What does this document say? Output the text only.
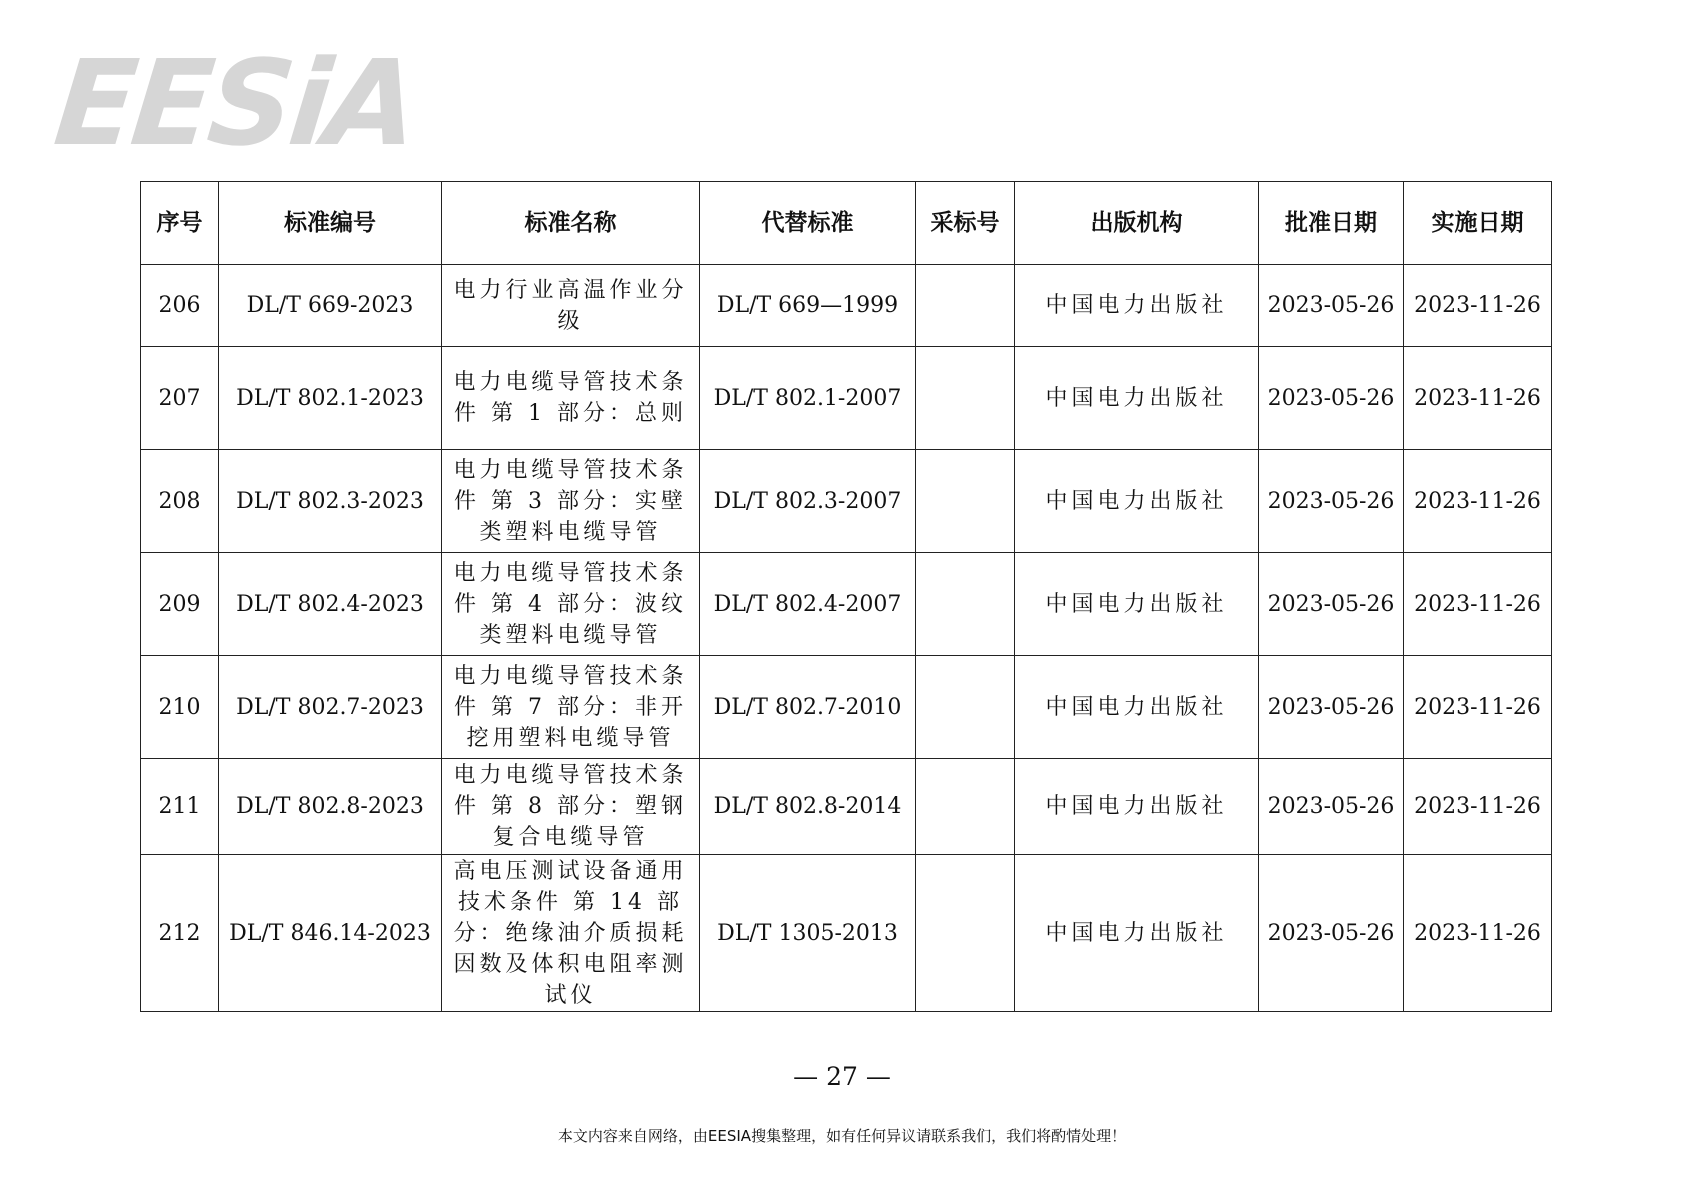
EESiA
序号	标准编号	标准名称	代替标准	采标号	出版机构	批准日期	实施日期
206	DL/T 669-2023	电力行业高温作业分级	DL/T 669—1999		中国电力出版社	2023-05-26	2023-11-26
207	DL/T 802.1-2023	电力电缆导管技术条件 第 1 部分：总则	DL/T 802.1-2007		中国电力出版社	2023-05-26	2023-11-26
208	DL/T 802.3-2023	电力电缆导管技术条件 第 3 部分：实壁类塑料电缆导管	DL/T 802.3-2007		中国电力出版社	2023-05-26	2023-11-26
209	DL/T 802.4-2023	电力电缆导管技术条件 第 4 部分：波纹类塑料电缆导管	DL/T 802.4-2007		中国电力出版社	2023-05-26	2023-11-26
210	DL/T 802.7-2023	电力电缆导管技术条件 第 7 部分：非开挖用塑料电缆导管	DL/T 802.7-2010		中国电力出版社	2023-05-26	2023-11-26
211	DL/T 802.8-2023	电力电缆导管技术条件 第 8 部分：塑钢复合电缆导管	DL/T 802.8-2014		中国电力出版社	2023-05-26	2023-11-26
212	DL/T 846.14-2023	高电压测试设备通用技术条件 第 14 部分：绝缘油介质损耗因数及体积电阻率测试仪	DL/T 1305-2013		中国电力出版社	2023-05-26	2023-11-26
— 27 —
本文内容来自网络，由EESIA搜集整理，如有任何异议请联系我们，我们将酌情处理！
